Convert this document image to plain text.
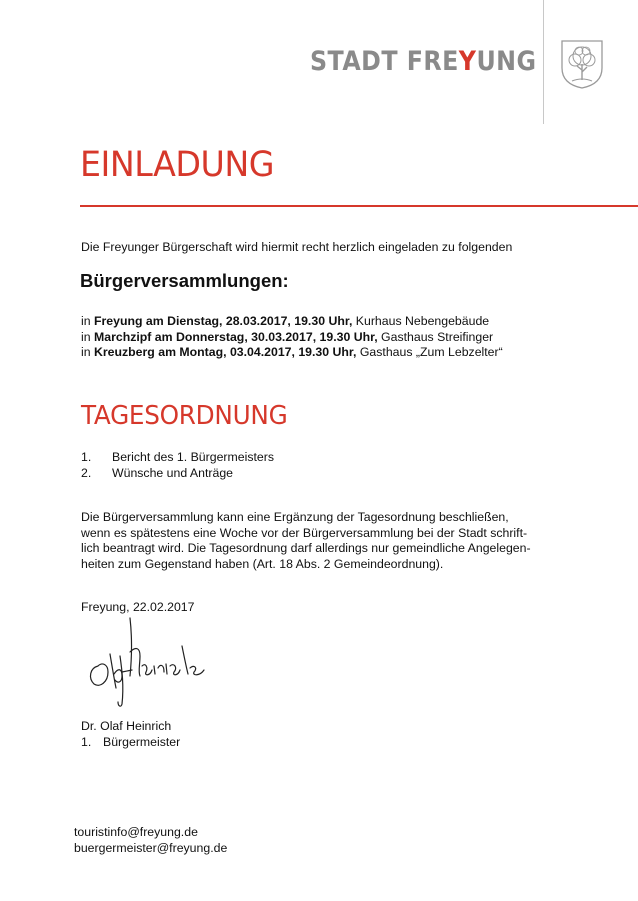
STADT FREYUNG
EINLADUNG
Die Freyunger Bürgerschaft wird hiermit recht herzlich eingeladen zu folgenden
Bürgerversammlungen:
in Freyung am Dienstag, 28.03.2017, 19.30 Uhr, Kurhaus Nebengebäude
in Marchzipf am Donnerstag, 30.03.2017, 19.30 Uhr, Gasthaus Streifinger
in Kreuzberg am Montag, 03.04.2017, 19.30 Uhr, Gasthaus „Zum Lebzelter“
TAGESORDNUNG
1.	Bericht des 1. Bürgermeisters
2.	Wünsche und Anträge
Die Bürgerversammlung kann eine Ergänzung der Tagesordnung beschließen,
wenn es spätestens eine Woche vor der Bürgerversammlung bei der Stadt schrift-
lich beantragt wird. Die Tagesordnung darf allerdings nur gemeindliche Angelegen-
heiten zum Gegenstand haben (Art. 18 Abs. 2 Gemeindeordnung).
Freyung, 22.02.2017
Dr. Olaf Heinrich
1. Bürgermeister
touristinfo@freyung.de
buergermeister@freyung.de
